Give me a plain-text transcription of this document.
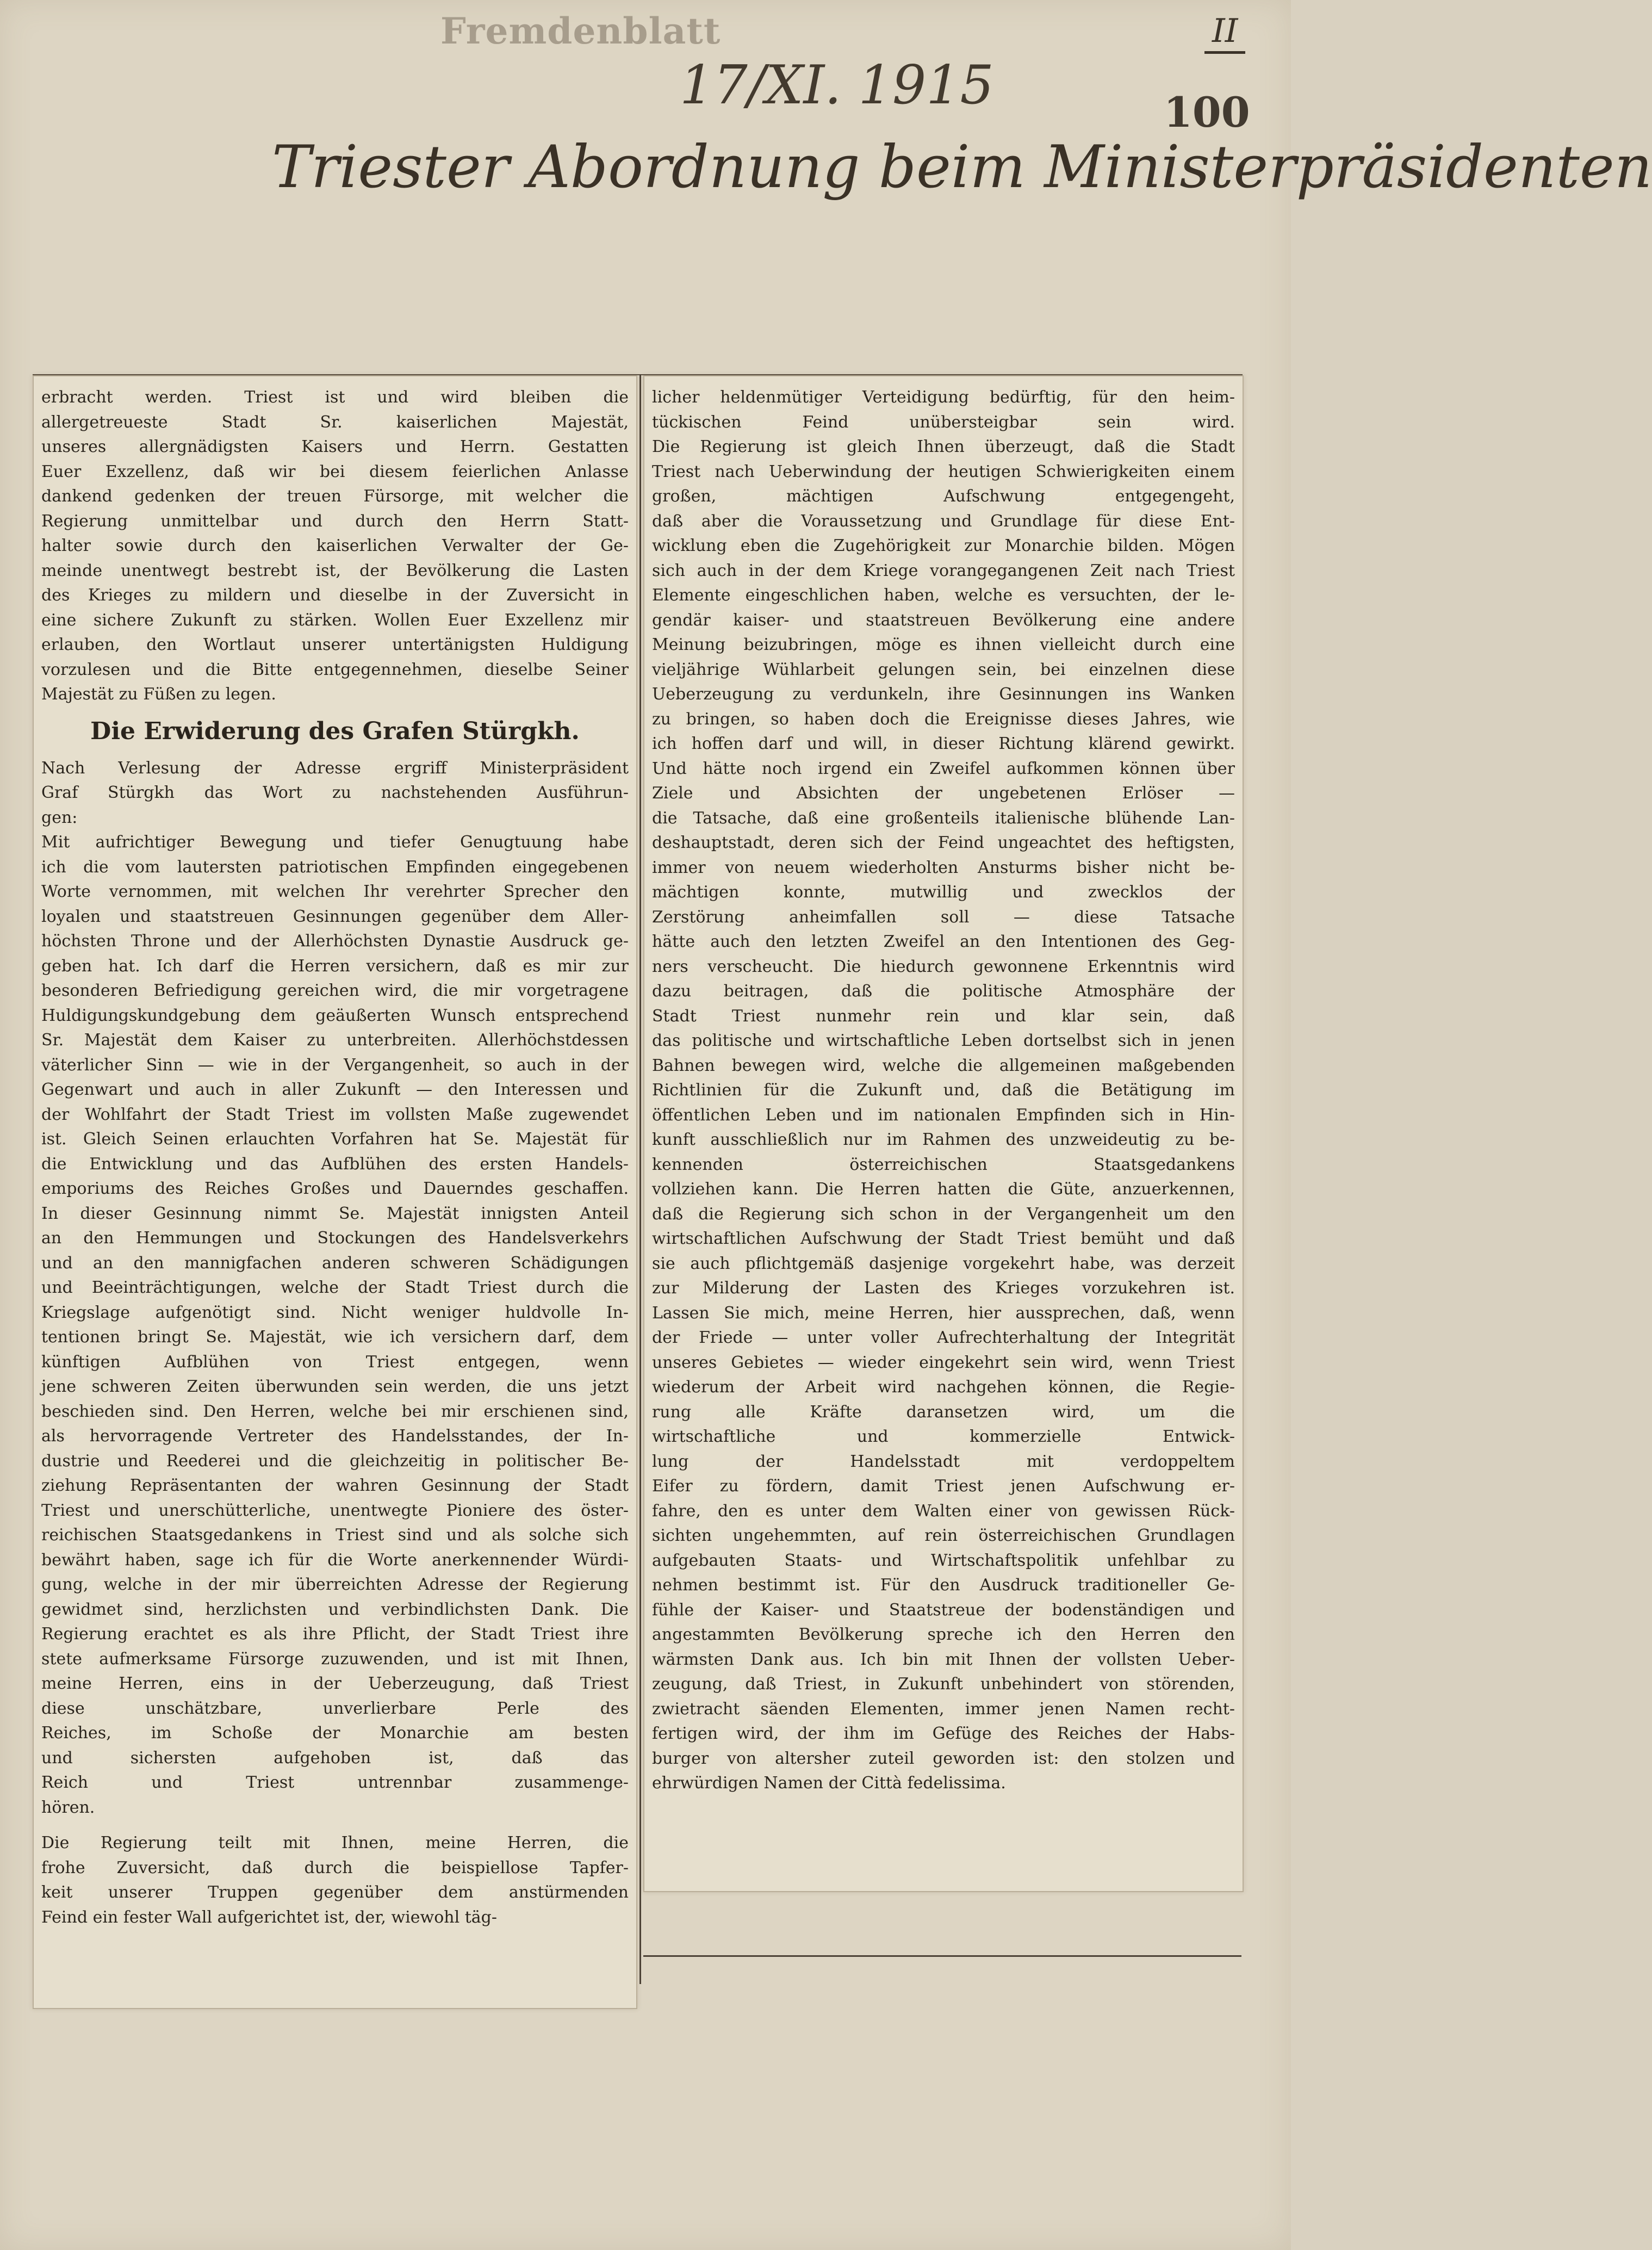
Fremdenblatt	II
17/XI. 1915	100
Triester Abordnung beim Ministerpräsidenten
erbracht werden. Triest ist und wird bleiben die
allergetreueste Stadt Sr. kaiserlichen Majestät,
unseres allergnädigsten Kaisers und Herrn. Gestatten
Euer Exzellenz, daß wir bei diesem feierlichen Anlasse
dankend gedenken der treuen Fürsorge, mit welcher die
Regierung unmittelbar und durch den Herrn Statt-
halter sowie durch den kaiserlichen Verwalter der Ge-
meinde unentwegt bestrebt ist, der Bevölkerung die Lasten
des Krieges zu mildern und dieselbe in der Zuversicht in
eine sichere Zukunft zu stärken. Wollen Euer Exzellenz mir
erlauben, den Wortlaut unserer untertänigsten Huldigung
vorzulesen und die Bitte entgegennehmen, dieselbe Seiner
Majestät zu Füßen zu legen.
Die Erwiderung des Grafen Stürgkh.
Nach Verlesung der Adresse ergriff Ministerpräsident
Graf Stürgkh das Wort zu nachstehenden Ausführun-
gen:
Mit aufrichtiger Bewegung und tiefer Genugtuung habe
ich die vom lautersten patriotischen Empfinden eingegebenen
Worte vernommen, mit welchen Ihr verehrter Sprecher den
loyalen und staatstreuen Gesinnungen gegenüber dem Aller-
höchsten Throne und der Allerhöchsten Dynastie Ausdruck ge-
geben hat. Ich darf die Herren versichern, daß es mir zur
besonderen Befriedigung gereichen wird, die mir vorgetragene
Huldigungskundgebung dem geäußerten Wunsch entsprechend
Sr. Majestät dem Kaiser zu unterbreiten. Allerhöchstdessen
väterlicher Sinn — wie in der Vergangenheit, so auch in der
Gegenwart und auch in aller Zukunft — den Interessen und
der Wohlfahrt der Stadt Triest im vollsten Maße zugewendet
ist. Gleich Seinen erlauchten Vorfahren hat Se. Majestät für
die Entwicklung und das Aufblühen des ersten Handels-
emporiums des Reiches Großes und Dauerndes geschaffen.
In dieser Gesinnung nimmt Se. Majestät innigsten Anteil
an den Hemmungen und Stockungen des Handelsverkehrs
und an den mannigfachen anderen schweren Schädigungen
und Beeinträchtigungen, welche der Stadt Triest durch die
Kriegslage aufgenötigt sind. Nicht weniger huldvolle In-
tentionen bringt Se. Majestät, wie ich versichern darf, dem
künftigen Aufblühen von Triest entgegen, wenn
jene schweren Zeiten überwunden sein werden, die uns jetzt
beschieden sind. Den Herren, welche bei mir erschienen sind,
als hervorragende Vertreter des Handelsstandes, der In-
dustrie und Reederei und die gleichzeitig in politischer Be-
ziehung Repräsentanten der wahren Gesinnung der Stadt
Triest und unerschütterliche, unentwegte Pioniere des öster-
reichischen Staatsgedankens in Triest sind und als solche sich
bewährt haben, sage ich für die Worte anerkennender Würdi-
gung, welche in der mir überreichten Adresse der Regierung
gewidmet sind, herzlichsten und verbindlichsten Dank. Die
Regierung erachtet es als ihre Pflicht, der Stadt Triest ihre
stete aufmerksame Fürsorge zuzuwenden, und ist mit Ihnen,
meine Herren, eins in der Ueberzeugung, daß Triest
diese unschätzbare, unverlierbare Perle des
Reiches, im Schoße der Monarchie am besten
und sichersten aufgehoben ist, daß das
Reich und Triest untrennbar zusammenge-
hören.
Die Regierung teilt mit Ihnen, meine Herren, die
frohe Zuversicht, daß durch die beispiellose Tapfer-
keit unserer Truppen gegenüber dem anstürmenden
Feind ein fester Wall aufgerichtet ist, der, wiewohl täg-
licher heldenmütiger Verteidigung bedürftig, für den heim-
tückischen Feind unübersteigbar sein wird.
Die Regierung ist gleich Ihnen überzeugt, daß die Stadt
Triest nach Ueberwindung der heutigen Schwierigkeiten einem
großen, mächtigen Aufschwung entgegengeht,
daß aber die Voraussetzung und Grundlage für diese Ent-
wicklung eben die Zugehörigkeit zur Monarchie bilden. Mögen
sich auch in der dem Kriege vorangegangenen Zeit nach Triest
Elemente eingeschlichen haben, welche es versuchten, der le-
gendär kaiser- und staatstreuen Bevölkerung eine andere
Meinung beizubringen, möge es ihnen vielleicht durch eine
vieljährige Wühlarbeit gelungen sein, bei einzelnen diese
Ueberzeugung zu verdunkeln, ihre Gesinnungen ins Wanken
zu bringen, so haben doch die Ereignisse dieses Jahres, wie
ich hoffen darf und will, in dieser Richtung klärend gewirkt.
Und hätte noch irgend ein Zweifel aufkommen können über
Ziele und Absichten der ungebetenen Erlöser —
die Tatsache, daß eine großenteils italienische blühende Lan-
deshauptstadt, deren sich der Feind ungeachtet des heftigsten,
immer von neuem wiederholten Ansturms bisher nicht be-
mächtigen konnte, mutwillig und zwecklos der
Zerstörung anheimfallen soll — diese Tatsache
hätte auch den letzten Zweifel an den Intentionen des Geg-
ners verscheucht. Die hiedurch gewonnene Erkenntnis wird
dazu beitragen, daß die politische Atmosphäre der
Stadt Triest nunmehr rein und klar sein, daß
das politische und wirtschaftliche Leben dortselbst sich in jenen
Bahnen bewegen wird, welche die allgemeinen maßgebenden
Richtlinien für die Zukunft und, daß die Betätigung im
öffentlichen Leben und im nationalen Empfinden sich in Hin-
kunft ausschließlich nur im Rahmen des unzweideutig zu be-
kennenden österreichischen Staatsgedankens
vollziehen kann. Die Herren hatten die Güte, anzuerkennen,
daß die Regierung sich schon in der Vergangenheit um den
wirtschaftlichen Aufschwung der Stadt Triest bemüht und daß
sie auch pflichtgemäß dasjenige vorgekehrt habe, was derzeit
zur Milderung der Lasten des Krieges vorzukehren ist.
Lassen Sie mich, meine Herren, hier aussprechen, daß, wenn
der Friede — unter voller Aufrechterhaltung der Integrität
unseres Gebietes — wieder eingekehrt sein wird, wenn Triest
wiederum der Arbeit wird nachgehen können, die Regie-
rung alle Kräfte daransetzen wird, um die
wirtschaftliche und kommerzielle Entwick-
lung der Handelsstadt mit verdoppeltem
Eifer zu fördern, damit Triest jenen Aufschwung er-
fahre, den es unter dem Walten einer von gewissen Rück-
sichten ungehemmten, auf rein österreichischen Grundlagen
aufgebauten Staats- und Wirtschaftspolitik unfehlbar zu
nehmen bestimmt ist. Für den Ausdruck traditioneller Ge-
fühle der Kaiser- und Staatstreue der bodenständigen und
angestammten Bevölkerung spreche ich den Herren den
wärmsten Dank aus. Ich bin mit Ihnen der vollsten Ueber-
zeugung, daß Triest, in Zukunft unbehindert von störenden,
zwietracht säenden Elementen, immer jenen Namen recht-
fertigen wird, der ihm im Gefüge des Reiches der Habs-
burger von altersher zuteil geworden ist: den stolzen und
ehrwürdigen Namen der Città fedelissima.
